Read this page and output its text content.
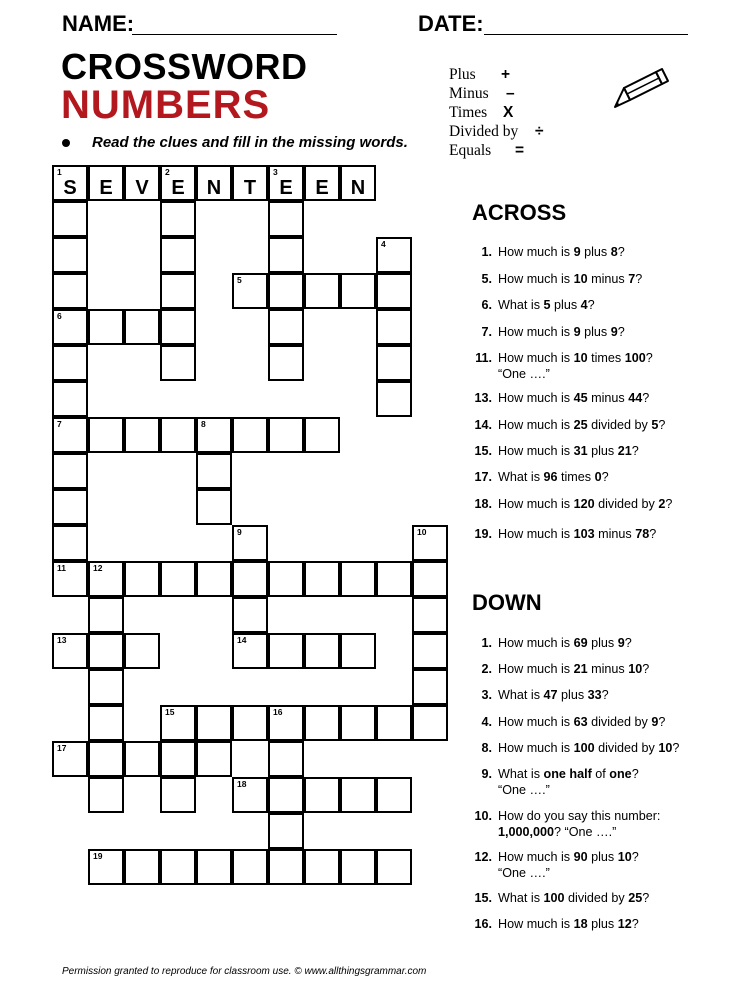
NAME:	DATE:
CROSSWORD
NUMBERS
Read the clues and fill in the missing words.
Plus +
Minus –
Times X
Divided by ÷
Equals =
1
S	E	V
2
E	N	T
3
E	E	N
6
4
5
7	8
9
14
10
11	12
13
15	16
17
18
19
ACROSS
1. How much is 9 plus 8?
5. How much is 10 minus 7?
6. What is 5 plus 4?
7. How much is 9 plus 9?
11. How much is 10 times 100?
“One ….”
13. How much is 45 minus 44?
14. How much is 25 divided by 5?
15. How much is 31 plus 21?
17. What is 96 times 0?
18. How much is 120 divided by 2?
19. How much is 103 minus 78?
DOWN
1. How much is 69 plus 9?
2. How much is 21 minus 10?
3. What is 47 plus 33?
4. How much is 63 divided by 9?
8. How much is 100 divided by 10?
9. What is one half of one?
“One ….”
10. How do you say this number:
1,000,000? “One ….”
12. How much is 90 plus 10?
“One ….”
15. What is 100 divided by 25?
16. How much is 18 plus 12?
Permission granted to reproduce for classroom use. © www.allthingsgrammar.com
